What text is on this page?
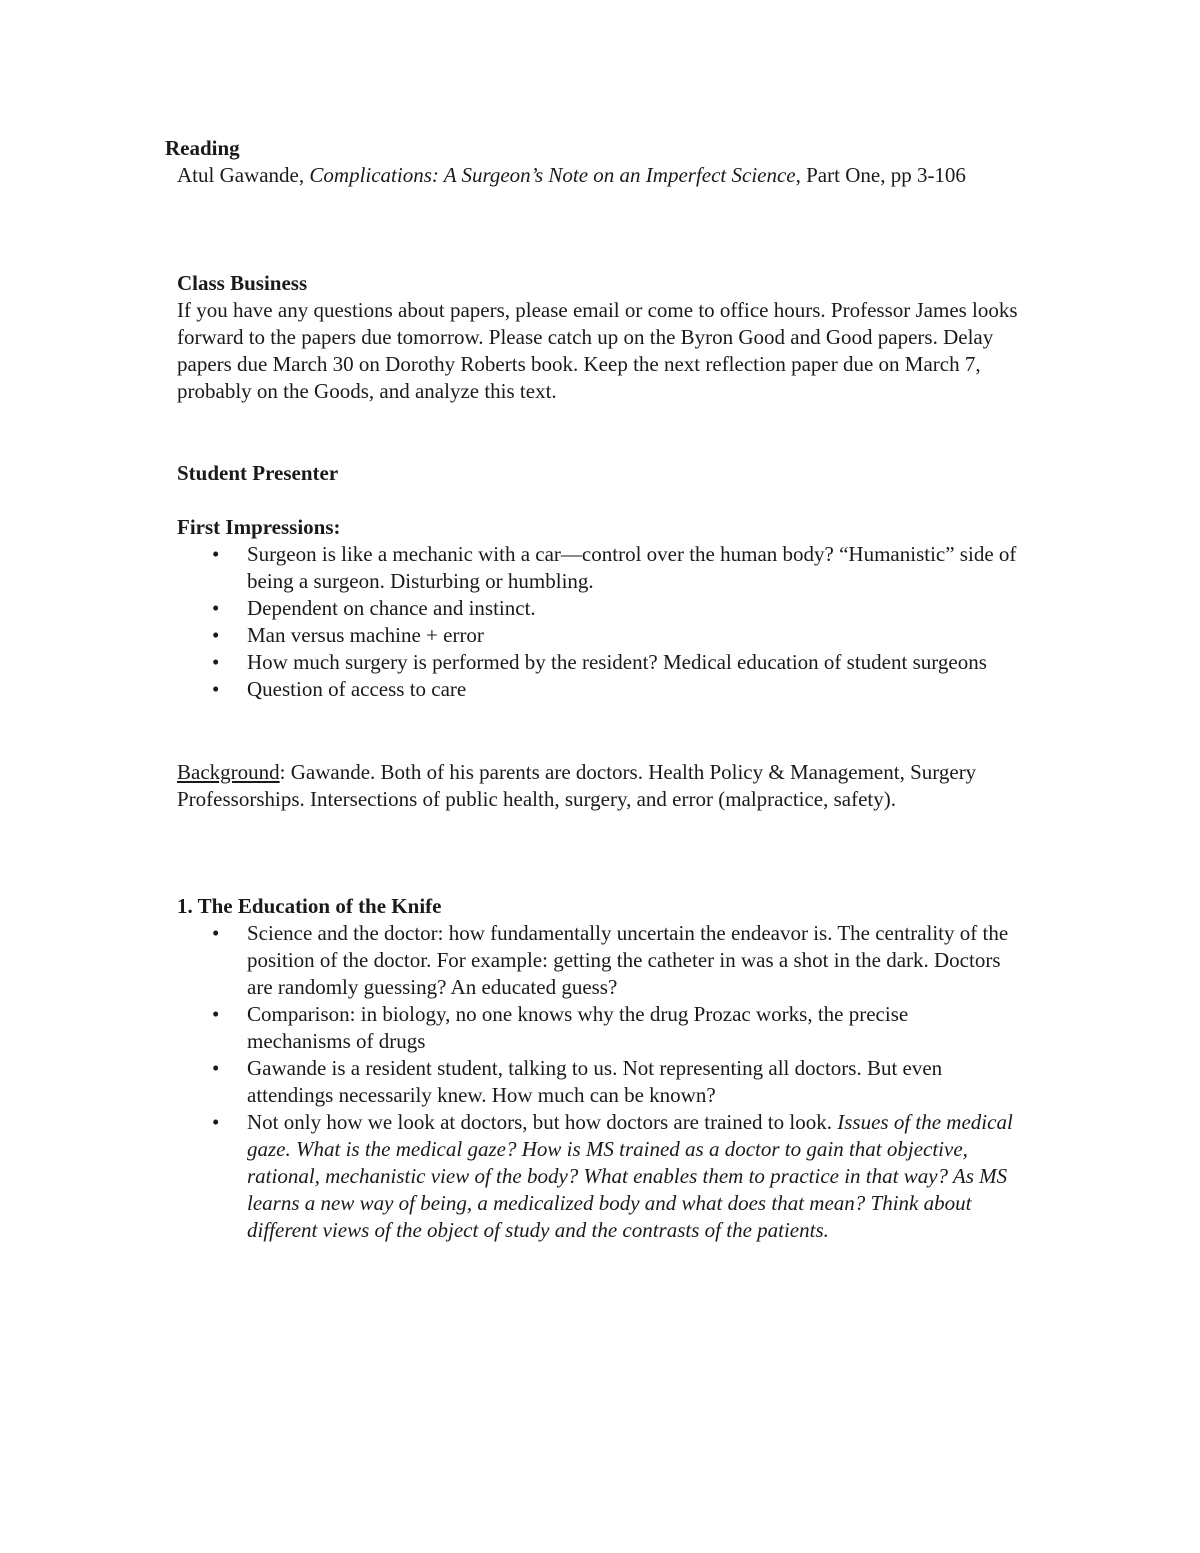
Reading
Atul Gawande, Complications: A Surgeon’s Note on an Imperfect Science, Part One, pp 3-106
Class Business
If you have any questions about papers, please email or come to office hours. Professor James looks forward to the papers due tomorrow. Please catch up on the Byron Good and Good papers. Delay papers due March 30 on Dorothy Roberts book. Keep the next reflection paper due on March 7, probably on the Goods, and analyze this text.
Student Presenter
First Impressions:
• Surgeon is like a mechanic with a car—control over the human body? “Humanistic” side of being a surgeon. Disturbing or humbling.
• Dependent on chance and instinct.
• Man versus machine + error
• How much surgery is performed by the resident? Medical education of student surgeons
• Question of access to care
Background: Gawande. Both of his parents are doctors. Health Policy & Management, Surgery Professorships. Intersections of public health, surgery, and error (malpractice, safety).
1. The Education of the Knife
• Science and the doctor: how fundamentally uncertain the endeavor is. The centrality of the position of the doctor. For example: getting the catheter in was a shot in the dark. Doctors are randomly guessing? An educated guess?
• Comparison: in biology, no one knows why the drug Prozac works, the precise mechanisms of drugs
• Gawande is a resident student, talking to us. Not representing all doctors. But even attendings necessarily knew. How much can be known?
• Not only how we look at doctors, but how doctors are trained to look. Issues of the medical gaze. What is the medical gaze? How is MS trained as a doctor to gain that objective, rational, mechanistic view of the body? What enables them to practice in that way? As MS learns a new way of being, a medicalized body and what does that mean? Think about different views of the object of study and the contrasts of the patients.
